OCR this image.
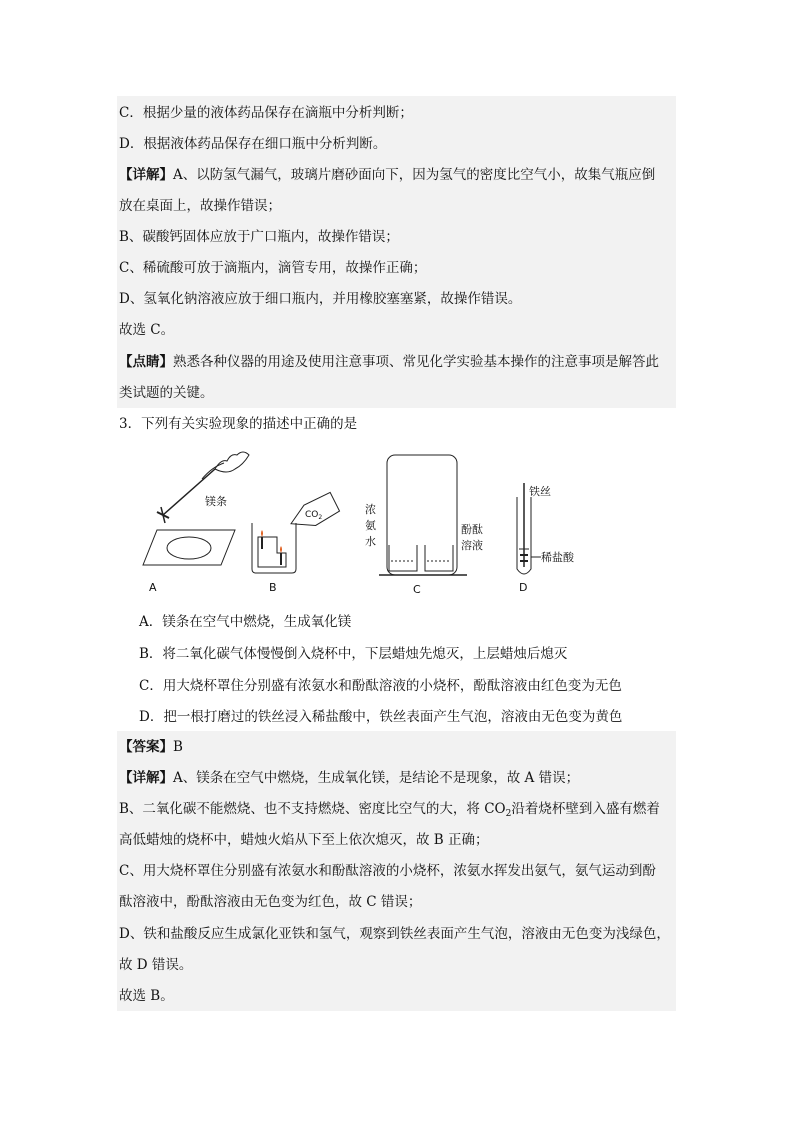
C．根据少量的液体药品保存在滴瓶中分析判断；
D．根据液体药品保存在细口瓶中分析判断。
【详解】A、以防氢气漏气，玻璃片磨砂面向下，因为氢气的密度比空气小，故集气瓶应倒
放在桌面上，故操作错误；
B、碳酸钙固体应放于广口瓶内，故操作错误；
C、稀硫酸可放于滴瓶内，滴管专用，故操作正确；
D、氢氧化钠溶液应放于细口瓶内，并用橡胶塞塞紧，故操作错误。
故选 C。
【点睛】熟悉各种仪器的用途及使用注意事项、常见化学实验基本操作的注意事项是解答此
类试题的关键。
3．下列有关实验现象的描述中正确的是
镁条
A
$CO_2$
B
浓
氨
水
酚酞
溶液
C
铁丝
稀盐酸
D
A．镁条在空气中燃烧，生成氧化镁
B．将二氧化碳气体慢慢倒入烧杯中，下层蜡烛先熄灭，上层蜡烛后熄灭
C．用大烧杯罩住分别盛有浓氨水和酚酞溶液的小烧杯，酚酞溶液由红色变为无色
D．把一根打磨过的铁丝浸入稀盐酸中，铁丝表面产生气泡，溶液由无色变为黄色
【答案】B
【详解】A、镁条在空气中燃烧，生成氧化镁，是结论不是现象，故 A 错误；
B、二氧化碳不能燃烧、也不支持燃烧、密度比空气的大，将 $CO_2$沿着烧杯壁到入盛有燃着
高低蜡烛的烧杯中，蜡烛火焰从下至上依次熄灭，故 B 正确；
C、用大烧杯罩住分别盛有浓氨水和酚酞溶液的小烧杯，浓氨水挥发出氨气，氨气运动到酚
酞溶液中，酚酞溶液由无色变为红色，故 C 错误；
D、铁和盐酸反应生成氯化亚铁和氢气，观察到铁丝表面产生气泡，溶液由无色变为浅绿色，
故 D 错误。
故选 B。
